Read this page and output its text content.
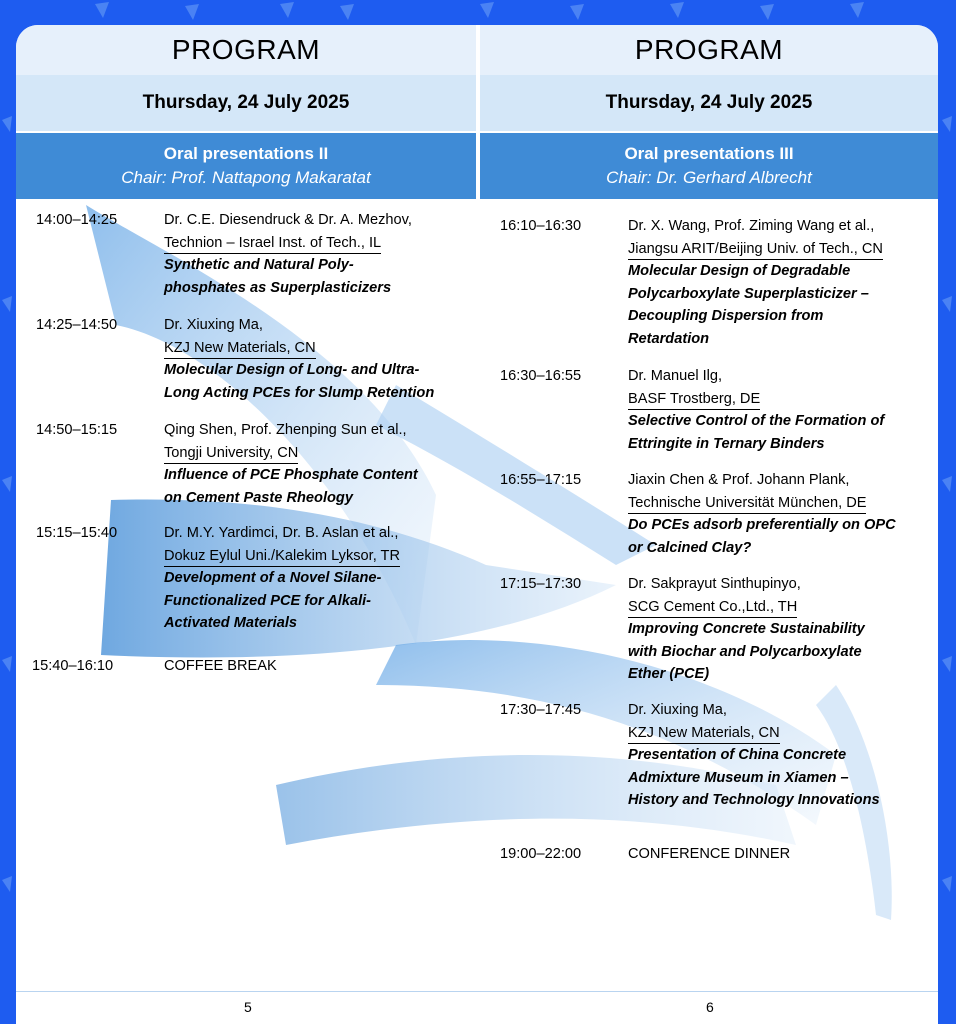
PROGRAM
Thursday, 24 July 2025
Oral presentations II
Chair: Prof. Nattapong Makaratat
14:00–14:25	Dr. C.E. Diesendruck & Dr. A. Mezhov,
Technion – Israel Inst. of Tech., IL
Synthetic and Natural Poly-
phosphates as Superplasticizers
14:25–14:50	Dr. Xiuxing Ma,
KZJ New Materials, CN
Molecular Design of Long- and Ultra-
Long Acting PCEs for Slump Retention
14:50–15:15	Qing Shen, Prof. Zhenping Sun et al.,
Tongji University, CN
Influence of PCE Phosphate Content
on Cement Paste Rheology
15:15–15:40	Dr. M.Y. Yardimci, Dr. B. Aslan et al.,
Dokuz Eylul Uni./Kalekim Lyksor, TR
Development of a Novel Silane-
Functionalized PCE for Alkali-
Activated Materials
15:40–16:10	COFFEE BREAK
PROGRAM
Thursday, 24 July 2025
Oral presentations III
Chair: Dr. Gerhard Albrecht
16:10–16:30	Dr. X. Wang, Prof. Ziming Wang et al.,
Jiangsu ARIT/Beijing Univ. of Tech., CN
Molecular Design of Degradable
Polycarboxylate Superplasticizer –
Decoupling Dispersion from
Retardation
16:30–16:55	Dr. Manuel Ilg,
BASF Trostberg, DE
Selective Control of the Formation of
Ettringite in Ternary Binders
16:55–17:15	Jiaxin Chen & Prof. Johann Plank,
Technische Universität München, DE
Do PCEs adsorb preferentially on OPC
or Calcined Clay?
17:15–17:30	Dr. Sakprayut Sinthupinyo,
SCG Cement Co.,Ltd., TH
Improving Concrete Sustainability
with Biochar and Polycarboxylate
Ether (PCE)
17:30–17:45	Dr. Xiuxing Ma,
KZJ New Materials, CN
Presentation of China Concrete
Admixture Museum in Xiamen –
History and Technology Innovations
19:00–22:00	CONFERENCE DINNER
5	6
